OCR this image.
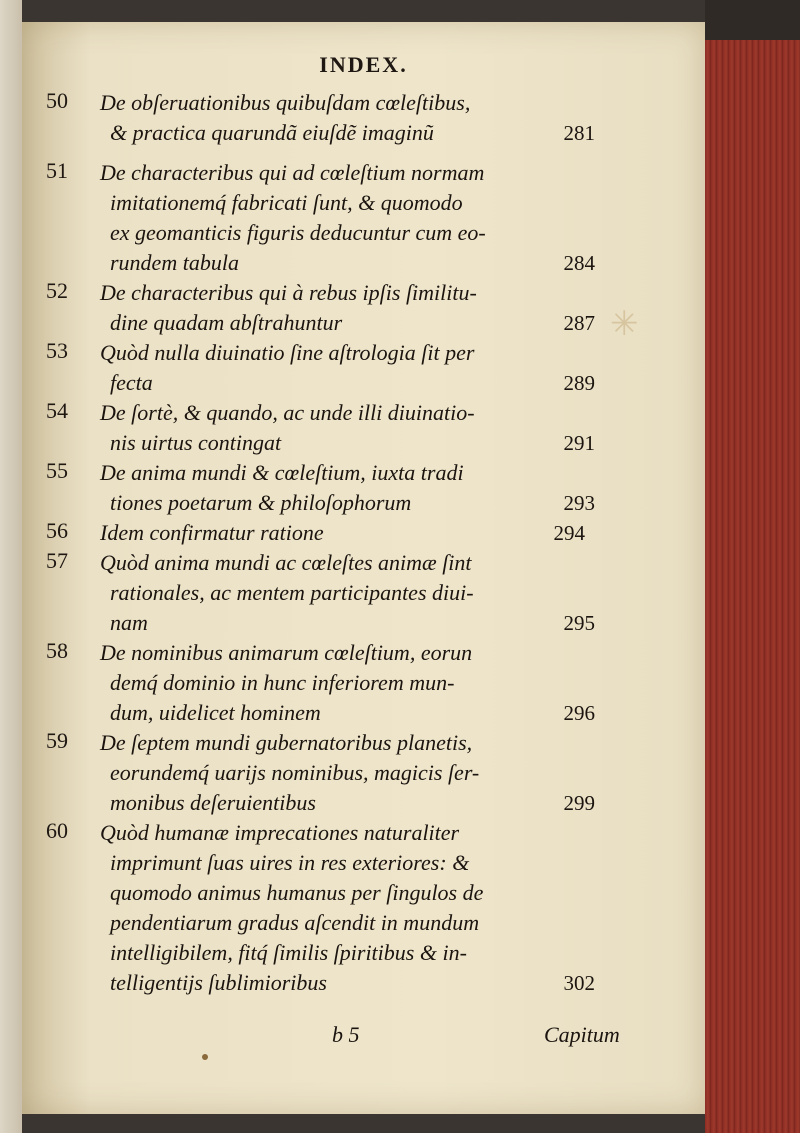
✳
INDEX.
50 De obſeruationibus quibuſdam cœleſtibus,
& practica quarundã eiuſdẽ imaginũ	281
51 De characteribus qui ad cœleſtium normam
imitationemq́ fabricati ſunt, & quomodo
ex geomanticis figuris deducuntur cum eo-
rundem tabula	284
52 De characteribus qui à rebus ipſis ſimilitu-
dine quadam abſtrahuntur	287
53 Quòd nulla diuinatio ſine aſtrologia ſit per
fecta	289
54 De ſortè, & quando, ac unde illi diuinatio-
nis uirtus contingat	291
55 De anima mundi & cœleſtium, iuxta tradi
tiones poetarum & philoſophorum	293
56 Idem confirmatur ratione	294
57 Quòd anima mundi ac cœleſtes animæ ſint
rationales, ac mentem participantes diui-
nam	295
58 De nominibus animarum cœleſtium, eorun
demq́ dominio in hunc inferiorem mun-
dum, uidelicet hominem	296
59 De ſeptem mundi gubernatoribus planetis,
eorundemq́ uarijs nominibus, magicis ſer-
monibus deſeruientibus	299
60 Quòd humanæ imprecationes naturaliter
imprimunt ſuas uires in res exteriores: &
quomodo animus humanus per ſingulos de
pendentiarum gradus aſcendit in mundum
intelligibilem, fitq́ ſimilis ſpiritibus & in-
telligentijs ſublimioribus	302
b 5	Capitum
